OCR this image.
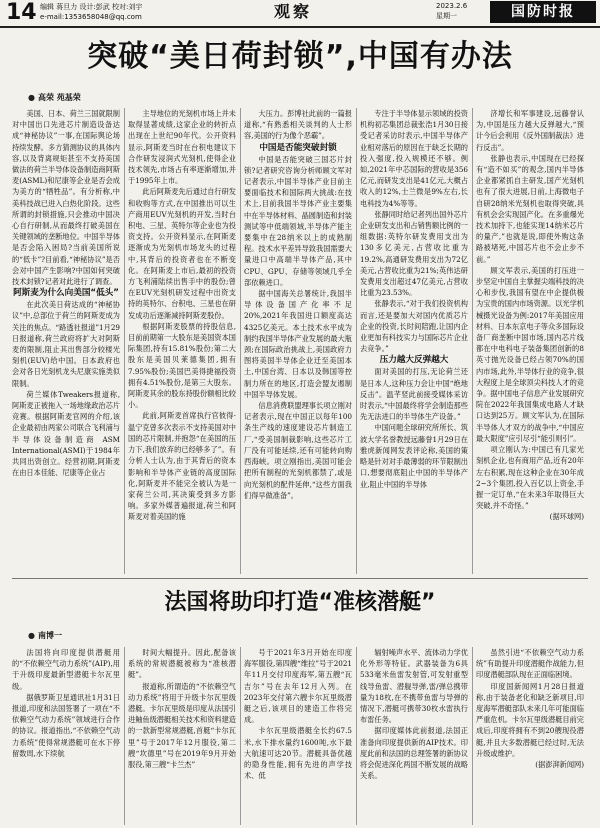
14 编辑 蒋旦力 设计:彭武 校对:刘宇
e-mail:1353658048@qq.com	观察	2023.2.6
星期一	国防时报
突破“美日荷封锁”,中国有办法
● 高荣 苑基荣

美国、日本、荷兰三国就限制对中国出口先进芯片制造设备达成“神秘协议”一事,在国际舆论场持续发酵。多方猜测协议的具体内容,以及背离规矩甚至不支持美国做法的荷兰半导体设备制造商阿斯麦(ASML)和尼康等企业是否会成为美方的“牺牲品”。有分析称,中美科技战已进入白热化阶段。这些所谓的封锁措施,只会推动中国决心自行研制,从而最终打破美国在关键领域的垄断地位。中国半导体是否会陷入困局?当前美国所说的“低卡”?目前看,“神秘协议”是否会对中国产生影响?中国如何突破技术封锁?记者对此进行了调查。

阿斯麦为什么向美国“低头”

在此次美日荷达成的“神秘协议”中,总部位于荷兰的阿斯麦成为关注的焦点。“路透社报道”1月29日报道称,荷兰政府将扩大对阿斯麦的限制,阻止其出售部分较楼光刻机(EUV)给中国。日本政府也会对各日光刻机龙头尼康实施类似限制。

荷兰媒体Tweakers报道称,阿斯麦正被拖入一场地缘政治芯片竞赛。根据阿斯麦官网的介绍,该企业最初由两家公司联合飞利浦与半导体设备制造商 ASM International(ASMI)于1984年共同出资创立。经营初期,阿斯麦在由日本佳能、尼康等企业占

主导地位的光刻机市场上并未取得显著成绩,这家企业的转折点出现在上世纪90年代。公开资料显示,阿斯麦当时在台积电建议下合作研发浸润式光刻机,使得企业技术领先,市场占有率逐渐增加,并于1995年上市。

此后阿斯麦先后通过自行研发和收购等方式,在中国推出可以生产商用EUV光刻机的开发,当时台积电、三星、英特尔等企业也为投资支持。公开资料显示,在阿斯麦逐渐成为光刻机市场龙头的过程中,其背后的投资者也在不断变化。在阿斯麦上市后,最初的投资方飞利浦陆续出售手中的股份;曾在EUV光刻机研发过程中出资支持的英特尔、台积电、三星也在研发成功后逐渐减持阿斯麦股份。

根据阿斯麦股票的持股信息,目前前期第一大股东是美国资本国际集团,持有15.81%股份;第二大股东是美国贝莱德集团,拥有7.95%股份;美国巴美得捷福投资拥有4.51%股份,是第三大股东。阿斯麦其余的股东持股份额相比较小。

此前,阿斯麦首席执行官彼得·温宁克曾多次表示不支持美国对中国的芯片限制,并抱怨“在美国的压力下,我们放弃的已经够多了”。有分析人士认为,由于其背后的资本影响和半导体产业链的高度国际化,阿斯麦并不能完全被认为是一家荷兰公司,其决策受到多方影响。多家外媒普遍报道,荷兰和阿斯麦对着美国的施

大压力。彭博社此前的一篇报道称,“有熟悉相关谈判的人士形容,美国的行为像个恶霸”。

中国是否能突破封锁

中国是否能突破三国芯片封锁?记者研究咨询分析师顾文军对记者表示,中国半导体产业目前主要面临技术和国际两大挑战:在技术上,目前我国半导体产业主要集中在半导体材料、晶圆制造和封装测试等中低端领域,半导体产能主要集中在28纳米以上的成熟制程。技术水平差异导致我国需要大量进口中高端半导体产品,其中CPU、GPU、存储等领域几乎全部依赖进口。

据中国海关总署统计,我国半导体设备国产化率不足20%,2021年我国进口额度高达4325亿美元。本土技术水平成为制约我国半导体产业发展的最大瓶颈;在国际政治挑战上,美国政府力图将美国半导体企业迁至美国本土,中国台湾、日本以及韩国等控制力所在的地区,打造会盟友遏制中国半导体发展。

信息消费联盟理事长项立刚对记者表示,现在中国正以每年100条生产线的速度建设芯片制造工厂,“受美国制裁影响,这些芯片工厂没有可能延续,还有可能转向购西海峡。项立刚指出,美国可能会把所有制程的光刻机都禁了,或是向光刻机的配件延伸,“这些方面我们得早做准备”。

专注于半导体显示领域的投资机构初芯集团总裁张浩1月30日接受记者采访时表示,中国半导体产业相对落后的原因在于缺乏长期的投入强度,投入规模还不够。例如,2021年中芯国际的营收是356亿元,而研发支出是41亿元,大概占收入的12%,士兰微是9%左右,长电科技为4%等等。

张静同时给记者列出国外芯片企业研发支出和占销售额比例的一组数据:英特尔研发费用支出为130多亿美元,占营收比重为19.2%,高通研发费用支出为72亿美元,占营收比重为21%;英伟达研发费用支出超过47亿美元,占营收比重为23.53%。

张静表示,“对于我们投资机构而言,还是要加大对国内优质芯片企业的投资,长时间陪跑,让国内企业更加有科技实力与国际芯片企业去竞争。”

压力越大反弹越大

面对美国的打压,无论荷兰还是日本人,这种压力会让中国“绝地反击”。温芊竖此前接受媒体采访时表示,“中国最终将学会制造那些先无法进口的半导体生产设备。”

中国问题全球研究所所长、筑波大学名誉教授远藤誉1月29日在雅虎新闻网发表评论称,美国的策略是针对对手最薄弱的环节限制出口,想要彻底阻止中国的半导体产业,阻止中国的半导体

济增长和军事建设,远藤誉认为,中国是压力越大反弹越大,“预计今后会利用《反外国制裁法》进行反击”。

张静也表示,中国现在已经探有“造不如买”的观念,国内半导体企业都紧抓自主研发,国产光刻机也有了很大进展,日前,上海微电子自研28纳米光刻机也取得突破,具有机会会实现国产化。在多重爆光技术加持下,也能实现14纳米芯片的量产,”也就是说,即使外购这条路被堵死,中国芯片也不会止步不前。”

顾文军表示,美国的打压进一步坚定中国自主掌握尖端科技的决心和步伐,我国有望在中企提供极为宝贵的国内市场资源。以光学机械摄光设备为例:2017年美国应用材料、日本东京电子等众多国际设备厂商垄断中国市场,国内芯片线都在中电科电子装备集团创新的8英寸抛光设备已经占领70%的国内市场,此外,半导体行业的竞争,很大程度上是全球顶尖科技人才的竞争。据中国电子信息产业发展研究院在2022年我国集成电路人才缺口达到25万。顾文军认为,在国际半导体人才双方的战争中,“中国应最大限度”应引尽引“能引则引”。

项立刚认为:中国已有几家光刻机企业,也有商用产品,近有20年左右积累,现在这种企业在30年成2~3个集团,投入百亿以上资金,手握一定订单,“在未来3年取得巨大突破,并不奇怪。”

(据环球网)

法国将助印打造“准核潜艇”
● 南博一

法国将向印度提供潜艇用的“不依赖空气动力系统”(AIP),用于升级印度最新型潜艇卡尔瓦里级。

据俄罗斯卫星通讯社1月31日报道,印度和法国签署了一项在“不依赖空气动力系统”领域进行合作的协议。报道指出,“不依赖空气动力系统”使得常规潜艇可在水下停留数周,水下续航

时间大幅提升。因此,配备该系统的常规潜艇被称为“准核潜艇”。

报道称,所谓造的“不依赖空气动力系统”将用于升级卡尔瓦里级潜艇。卡尔瓦里级是印度从法国引进鲉鱼级潜艇相关技术和资料建造的一款新型常规潜艇,首艇“卡尔瓦里”号于2017年12月服役,第二艘“坎德里”号在2019年9月开始服役,第三艘“卡兰杰”

号于2021年3月开始在印度海军服役,第四艘“维拉”号于2021年11月交付印度海军,第五艘“瓦吉尔”号在去年12月入列。在2023年交付第六艘卡尔瓦里级潜艇之后,该项目的建造工作将完成。

卡尔瓦里级潜艇全长约67.5米,水下排水量约1600吨,水下最大航速可达20节。潜艇具备优越的隐身性能,拥有先进的声学技术、低

辐射噪声水平、流体动力学优化外形等特征。武器装备为6具533毫米鱼雷发射管,可发射重型线导鱼雷、潜舰导弹,雷/弹总携带量为18枚,在不携带鱼雷与导弹的情况下,潜艇可携带30枚水雷执行布雷任务。

据印度媒体此前报道,法国正准备向印度提供新的AIP技术。印度此前和法国的总理签署的新协议将会促进深化两国不断发展的战略关系。

虽然引进“不依赖空气动力系统”有助提升印度潜艇作战能力,但印度潜艇部队现在正面临困境。

印度国新闻网1月28日报道称,由于装备老化和缺乏新项目,印度海军潜艇部队未来几年可能面临严重危机。卡尔瓦里级潜艇目前完成后,印度将拥有不到20艘现役潜艇,并且大多数潜艇已经过时,无法升级或维护。

(据澎湃新闻网)
